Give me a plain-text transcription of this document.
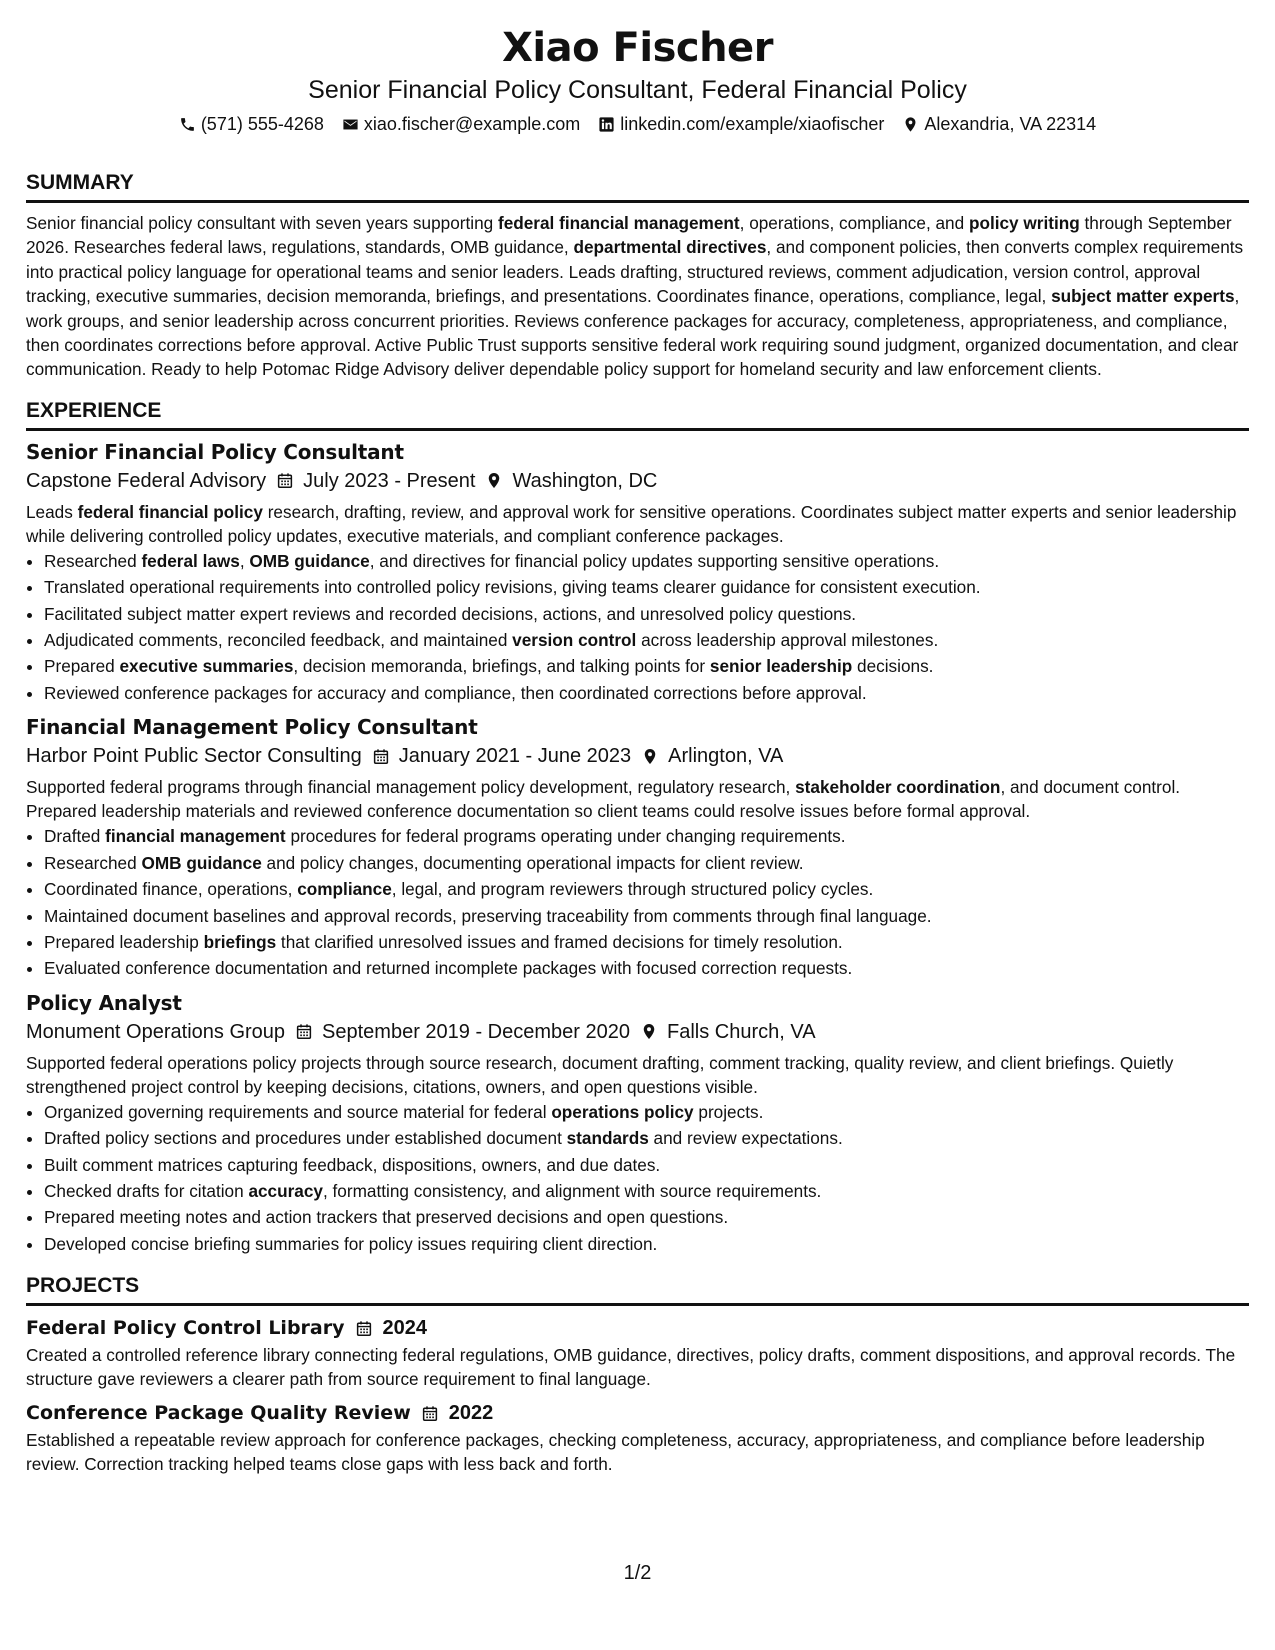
Xiao Fischer
Senior Financial Policy Consultant, Federal Financial Policy
(571) 555-4268 xiao.fischer@example.com linkedin.com/example/xiaofischer Alexandria, VA 22314
SUMMARY
Senior financial policy consultant with seven years supporting federal financial management, operations, compliance, and policy writing through September 2026. Researches federal laws, regulations, standards, OMB guidance, departmental directives, and component policies, then converts complex requirements into practical policy language for operational teams and senior leaders. Leads drafting, structured reviews, comment adjudication, version control, approval tracking, executive summaries, decision memoranda, briefings, and presentations. Coordinates finance, operations, compliance, legal, subject matter experts, work groups, and senior leadership across concurrent priorities. Reviews conference packages for accuracy, completeness, appropriateness, and compliance, then coordinates corrections before approval. Active Public Trust supports sensitive federal work requiring sound judgment, organized documentation, and clear communication. Ready to help Potomac Ridge Advisory deliver dependable policy support for homeland security and law enforcement clients.
EXPERIENCE
Senior Financial Policy Consultant
Capstone Federal Advisory July 2023 - Present Washington, DC
Leads federal financial policy research, drafting, review, and approval work for sensitive operations. Coordinates subject matter experts and senior leadership while delivering controlled policy updates, executive materials, and compliant conference packages.
• Researched federal laws, OMB guidance, and directives for financial policy updates supporting sensitive operations.
• Translated operational requirements into controlled policy revisions, giving teams clearer guidance for consistent execution.
• Facilitated subject matter expert reviews and recorded decisions, actions, and unresolved policy questions.
• Adjudicated comments, reconciled feedback, and maintained version control across leadership approval milestones.
• Prepared executive summaries, decision memoranda, briefings, and talking points for senior leadership decisions.
• Reviewed conference packages for accuracy and compliance, then coordinated corrections before approval.
Financial Management Policy Consultant
Harbor Point Public Sector Consulting January 2021 - June 2023 Arlington, VA
Supported federal programs through financial management policy development, regulatory research, stakeholder coordination, and document control. Prepared leadership materials and reviewed conference documentation so client teams could resolve issues before formal approval.
• Drafted financial management procedures for federal programs operating under changing requirements.
• Researched OMB guidance and policy changes, documenting operational impacts for client review.
• Coordinated finance, operations, compliance, legal, and program reviewers through structured policy cycles.
• Maintained document baselines and approval records, preserving traceability from comments through final language.
• Prepared leadership briefings that clarified unresolved issues and framed decisions for timely resolution.
• Evaluated conference documentation and returned incomplete packages with focused correction requests.
Policy Analyst
Monument Operations Group September 2019 - December 2020 Falls Church, VA
Supported federal operations policy projects through source research, document drafting, comment tracking, quality review, and client briefings. Quietly strengthened project control by keeping decisions, citations, owners, and open questions visible.
• Organized governing requirements and source material for federal operations policy projects.
• Drafted policy sections and procedures under established document standards and review expectations.
• Built comment matrices capturing feedback, dispositions, owners, and due dates.
• Checked drafts for citation accuracy, formatting consistency, and alignment with source requirements.
• Prepared meeting notes and action trackers that preserved decisions and open questions.
• Developed concise briefing summaries for policy issues requiring client direction.
PROJECTS
Federal Policy Control Library 2024
Created a controlled reference library connecting federal regulations, OMB guidance, directives, policy drafts, comment dispositions, and approval records. The structure gave reviewers a clearer path from source requirement to final language.
Conference Package Quality Review 2022
Established a repeatable review approach for conference packages, checking completeness, accuracy, appropriateness, and compliance before leadership review. Correction tracking helped teams close gaps with less back and forth.
1/2
